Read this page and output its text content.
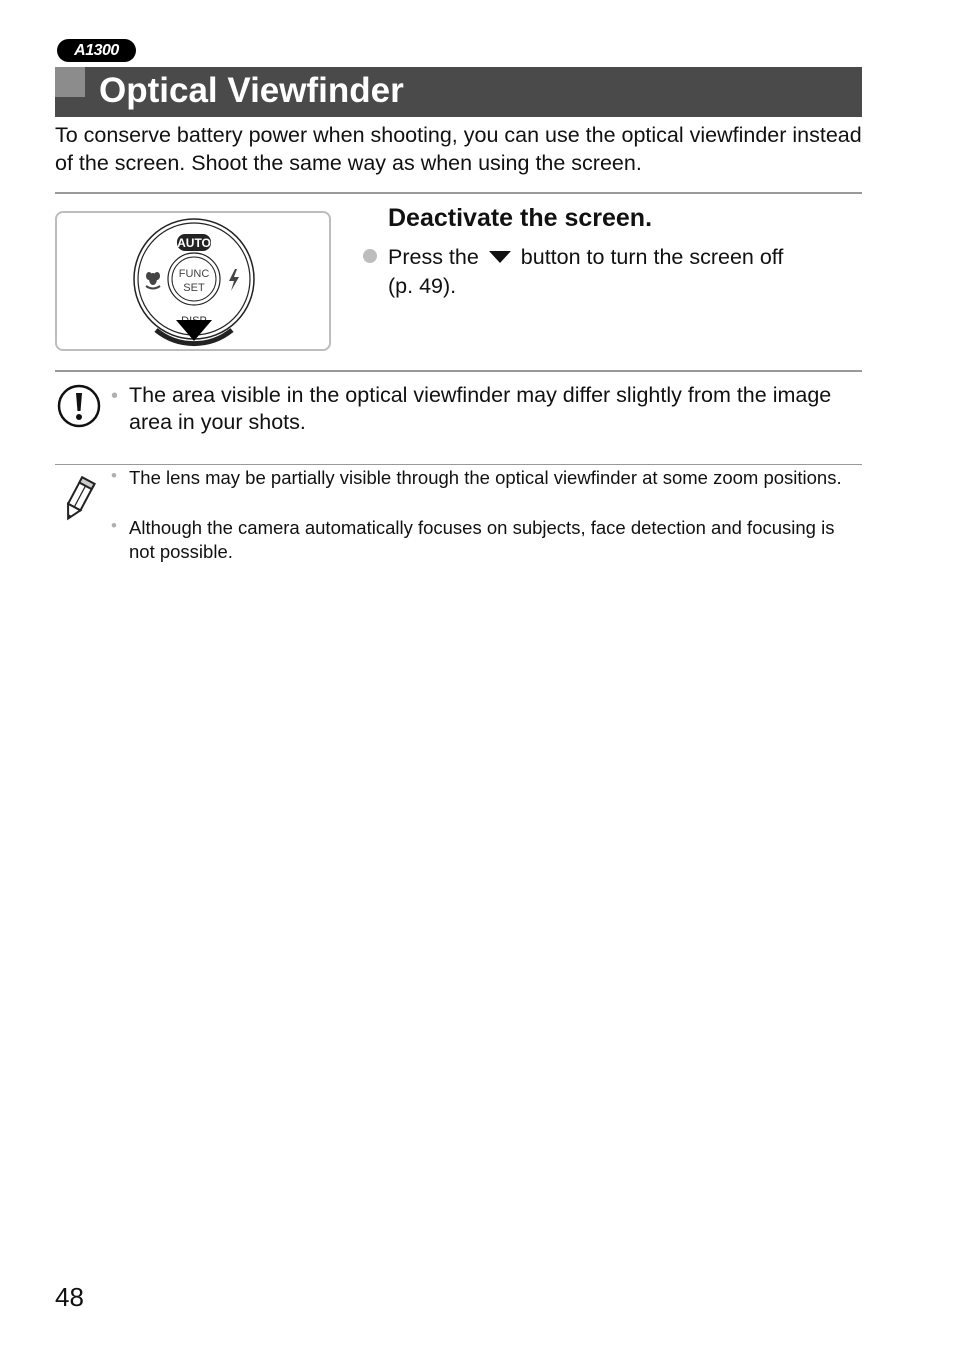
A1300
Optical Viewfinder

To conserve battery power when shooting, you can use the optical viewfinder instead of the screen. Shoot the same way as when using the screen.

AUTO
FUNC
SET
Deactivate the screen.

Press the button to turn the screen off
(p. 49).

• The area visible in the optical viewfinder may differ slightly from the image area in your shots.

• The lens may be partially visible through the optical viewfinder at some zoom positions.

• Although the camera automatically focuses on subjects, face detection and focusing is not possible.

48
